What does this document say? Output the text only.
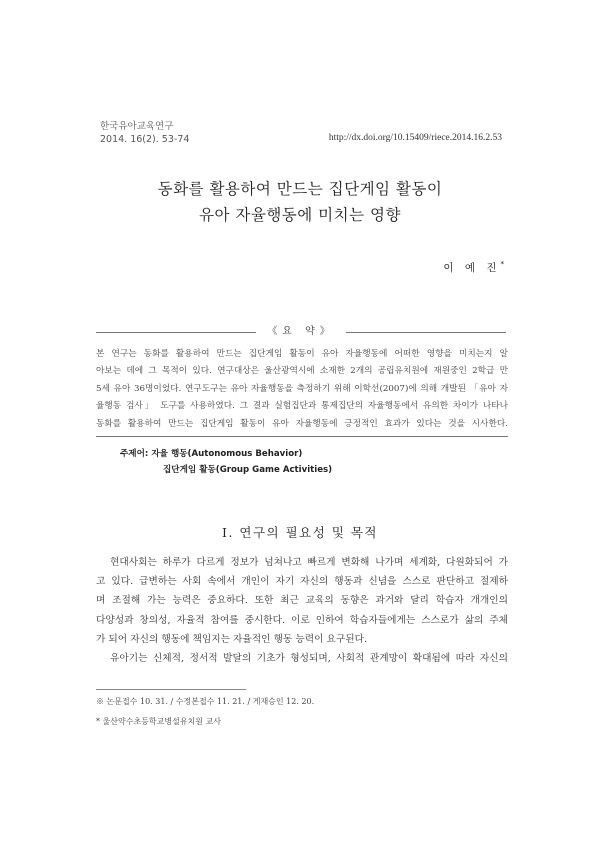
한국유아교육연구
2014. 16(2). 53-74	http://dx.doi.org/10.15409/riece.2014.16.2.53
동화를 활용하여 만드는 집단게임 활동이
유아 자율행동에 미치는 영향
이 예 진*
《요 약》
본 연구는 동화를 활용하여 만드는 집단게임 활동이 유아 자율행동에 어떠한 영향을 미치는지 알
아보는 데에 그 목적이 있다. 연구대상은 울산광역시에 소재한 2개의 공립유치원에 재원중인 2학급 만
5세 유아 36명이었다. 연구도구는 유아 자율행동을 측정하기 위해 이학선(2007)에 의해 개발된 「유아 자
율행동 검사」 도구를 사용하였다. 그 결과 실험집단과 통제집단의 자율행동에서 유의한 차이가 나타나
동화를 활용하여 만드는 집단게임 활동이 유아 자율행동에 긍정적인 효과가 있다는 것을 시사한다.
주제어: 자율 행동(Autonomous Behavior)
집단게임 활동(Group Game Activities)
Ⅰ. 연구의 필요성 및 목적
현대사회는 하루가 다르게 정보가 넘쳐나고 빠르게 변화해 나가며 세계화, 다원화되어 가
고 있다. 급변하는 사회 속에서 개인이 자기 자신의 행동과 신념을 스스로 판단하고 절제하
며 조절해 가는 능력은 중요하다. 또한 최근 교육의 동향은 과거와 달리 학습자 개개인의
다양성과 창의성, 자율적 참여를 중시한다. 이로 인하여 학습자들에게는 스스로가 삶의 주체
가 되어 자신의 행동에 책임지는 자율적인 행동 능력이 요구된다.
유아기는 신체적, 정서적 발달의 기초가 형성되며, 사회적 관계망이 확대됨에 따라 자신의
※ 논문접수 10. 31. / 수정본접수 11. 21. / 게재승인 12. 20.
* 울산약수초등학교병설유치원 교사
